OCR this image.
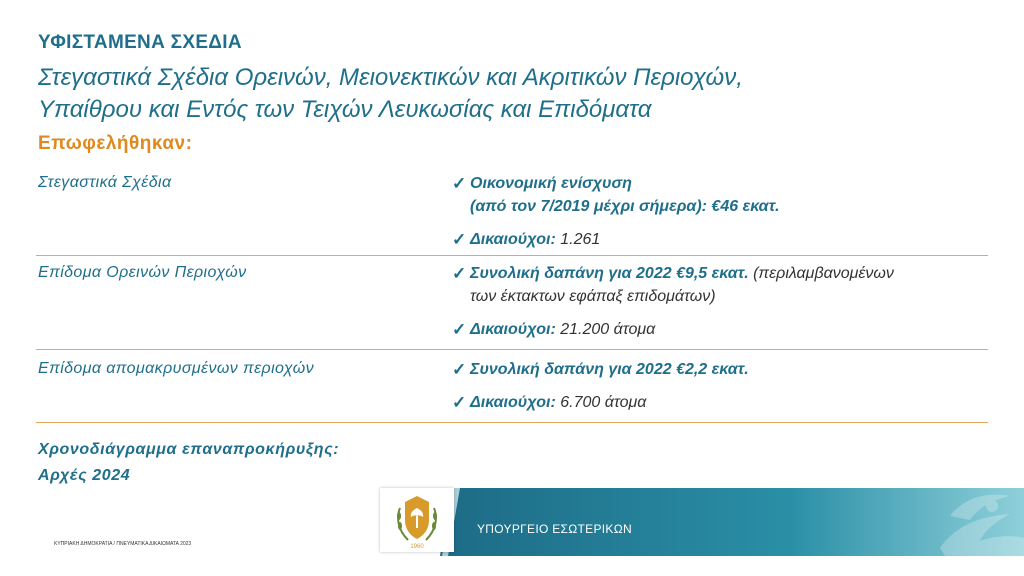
ΥΦΙΣΤΑΜΕΝΑ ΣΧΕΔΙΑ
Στεγαστικά Σχέδια Ορεινών, Μειονεκτικών και Ακριτικών Περιοχών,
Υπαίθρου και Εντός των Τειχών Λευκωσίας και Επιδόματα
Επωφελήθηκαν:
Στεγαστικά Σχέδια	✓ Οικονομική ενίσχυση
(από τον 7/2019 μέχρι σήμερα): €46 εκατ.
✓ Δικαιούχοι: 1.261
Επίδομα Ορεινών Περιοχών	✓ Συνολική δαπάνη για 2022 €9,5 εκατ. (περιλαμβανομένων
των έκτακτων εφάπαξ επιδομάτων)
✓ Δικαιούχοι: 21.200 άτομα
Επίδομα απομακρυσμένων περιοχών	✓ Συνολική δαπάνη για 2022 €2,2 εκατ.
✓ Δικαιούχοι: 6.700 άτομα
Χρονοδιάγραμμα επαναπροκήρυξης:
Αρχές 2024
ΚΥΠΡΙΑΚΗ ΔΗΜΟΚΡΑΤΙΑ / ΠΝΕΥΜΑΤΙΚΑ ΔΙΚΑΙΩΜΑΤΑ 2023	1960
ΥΠΟΥΡΓΕΙΟ ΕΣΩΤΕΡΙΚΩΝ
